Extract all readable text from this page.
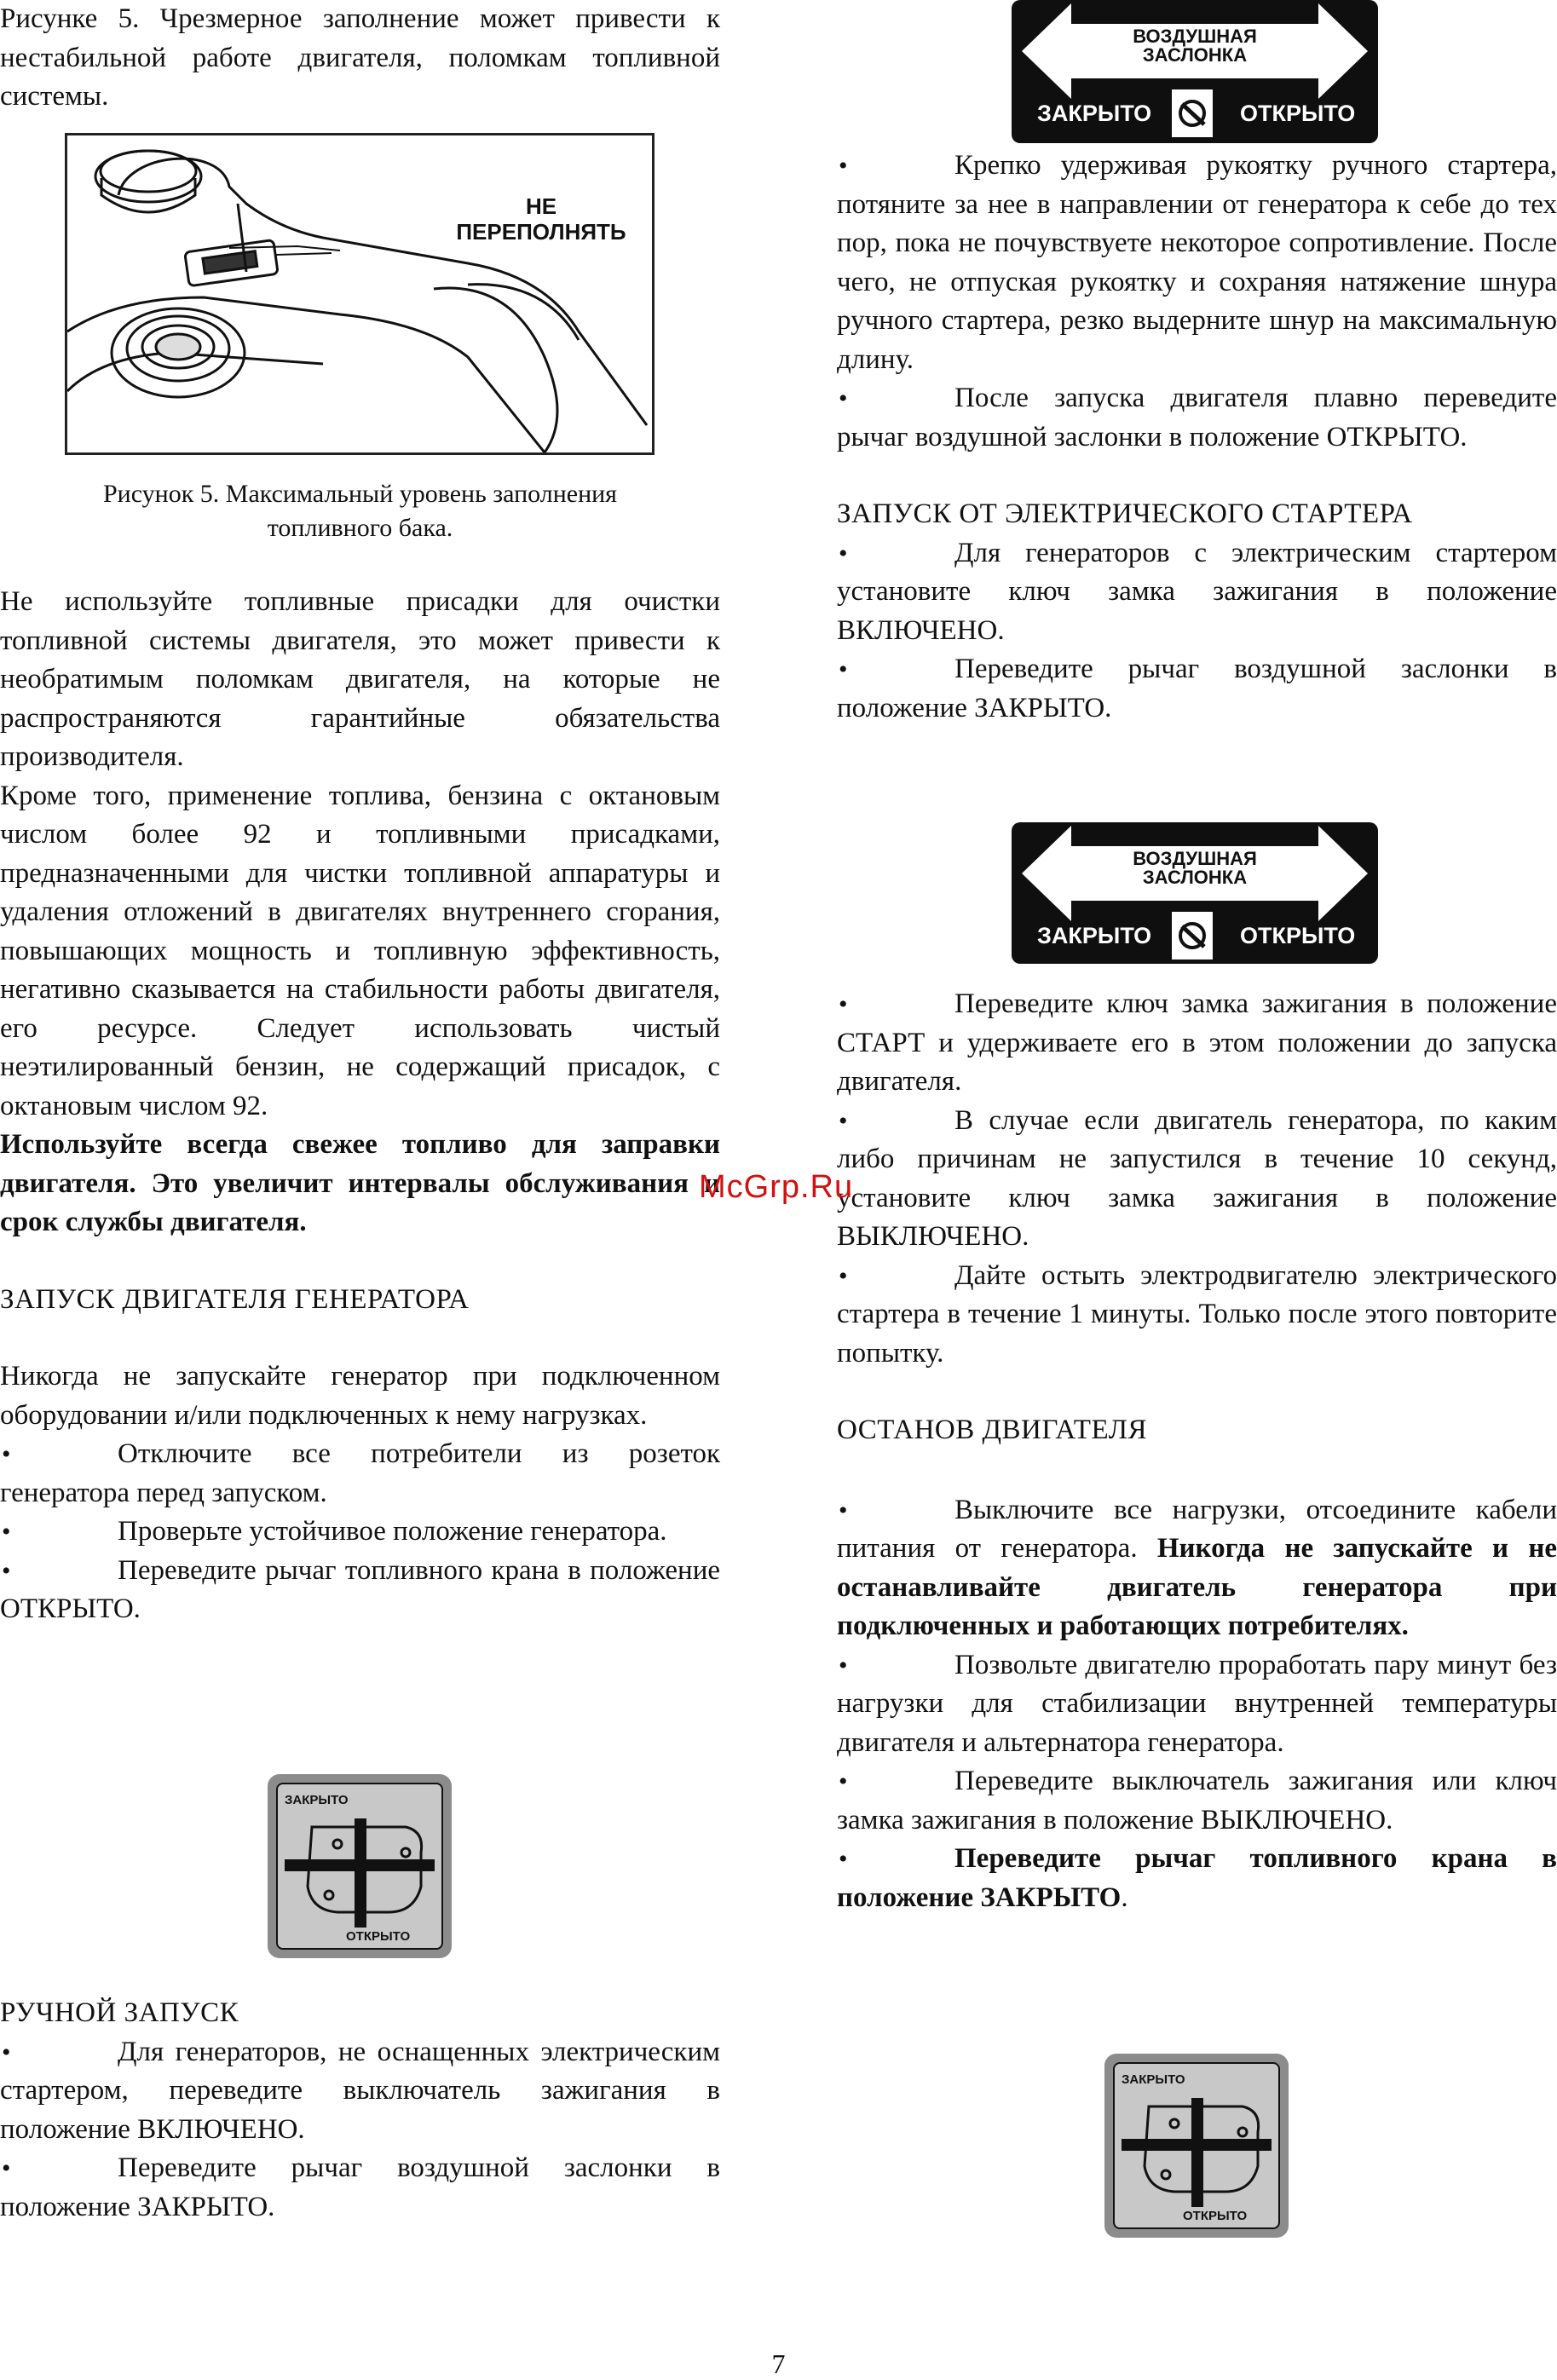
Рисунке 5. Чрезмерное заполнение может привести к нестабильной работе двигателя, поломкам топливной системы.

НЕ ПЕРЕПОЛНЯТЬ

Рисунок 5. Максимальный уровень заполнения топливного бака.

Не используйте топливные присадки для очистки топливной системы двигателя, это может привести к необратимым поломкам двигателя, на которые не распространяются гарантийные обязательства производителя.

Кроме того, применение топлива, бензина с октановым числом более 92 и топливными присадками, предназначенными для чистки топливной аппаратуры и удаления отложений в двигателях внутреннего сгорания, повышающих мощность и топливную эффективность, негативно сказывается на стабильности работы двигателя, его ресурсе. Следует использовать чистый неэтилированный бензин, не содержащий присадок, с октановым числом 92.

Используйте всегда свежее топливо для заправки двигателя. Это увеличит интервалы обслуживания и срок службы двигателя.

ЗАПУСК ДВИГАТЕЛЯ ГЕНЕРАТОРА

Никогда не запускайте генератор при подключенном оборудовании и/или подключенных к нему нагрузках.

Отключите все потребители из розеток генератора перед запуском.
Проверьте устойчивое положение генератора.
Переведите рычаг топливного крана в положение ОТКРЫТО.
ЗАКРЫТО
ОТКРЫТО

РУЧНОЙ ЗАПУСК

Для генераторов, не оснащенных электрическим стартером, переведите выключатель зажигания в положение ВКЛЮЧЕНО.
Переведите рычаг воздушной заслонки в положение ЗАКРЫТО.
ВОЗДУШНАЯ ЗАСЛОНКА
ЗАКРЫТО	ОТКРЫТО
Крепко удерживая рукоятку ручного стартера, потяните за нее в направлении от генератора к себе до тех пор, пока не почувствуете некоторое сопротивление. После чего, не отпуская рукоятку и сохраняя натяжение шнура ручного стартера, резко выдерните шнур на максимальную длину.
После запуска двигателя плавно переведите рычаг воздушной заслонки в положение ОТКРЫТО.

ЗАПУСК ОТ ЭЛЕКТРИЧЕСКОГО СТАРТЕРА

Для генераторов с электрическим стартером установите ключ замка зажигания в положение ВКЛЮЧЕНО.
Переведите рычаг воздушной заслонки в положение ЗАКРЫТО.
ВОЗДУШНАЯ ЗАСЛОНКА
ЗАКРЫТО	ОТКРЫТО
Переведите ключ замка зажигания в положение СТАРТ и удерживаете его в этом положении до запуска двигателя.
В случае если двигатель генератора, по каким либо причинам не запустился в течение 10 секунд, установите ключ замка зажигания в положение ВЫКЛЮЧЕНО.
Дайте остыть электродвигателю электрического стартера в течение 1 минуты. Только после этого повторите попытку.

ОСТАНОВ ДВИГАТЕЛЯ

Выключите все нагрузки, отсоедините кабели питания от генератора. Никогда не запускайте и не останавливайте двигатель генератора при подключенных и работающих потребителях.
Позвольте двигателю проработать пару минут без нагрузки для стабилизации внутренней температуры двигателя и альтернатора генератора.
Переведите выключатель зажигания или ключ замка зажигания в положение ВЫКЛЮЧЕНО.
Переведите рычаг топливного крана в положение ЗАКРЫТО.
ЗАКРЫТО
ОТКРЫТО
McGrp.Ru
7
